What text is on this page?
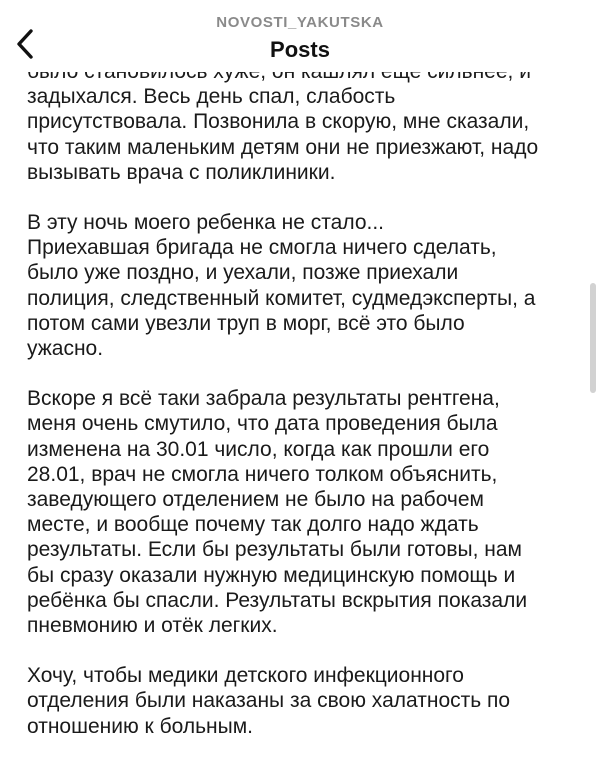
NOVOSTI_YAKUTSKA
Posts

задыхался. Весь день спал, слабость
присутствовала. Позвонила в скорую, мне сказали,
что таким маленьким детям они не приезжают, надо
вызывать врача с поликлиники.

В эту ночь моего ребенка не стало...

Приехавшая бригада не смогла ничего сделать,
было уже поздно, и уехали, позже приехали
полиция, следственный комитет, судмедэксперты, а
потом сами увезли труп в морг, всё это было
ужасно.

Вскоре я всё таки забрала результаты рентгена,
меня очень смутило, что дата проведения была
изменена на 30.01 число, когда как прошли его
28.01, врач не смогла ничего толком объяснить,
заведующего отделением не было на рабочем
месте, и вообще почему так долго надо ждать
результаты. Если бы результаты были готовы, нам
бы сразу оказали нужную медицинскую помощь и
ребёнка бы спасли. Результаты вскрытия показали
пневмонию и отёк легких.

Хочу, чтобы медики детского инфекционного
отделения были наказаны за свою халатность по
отношению к больным.
